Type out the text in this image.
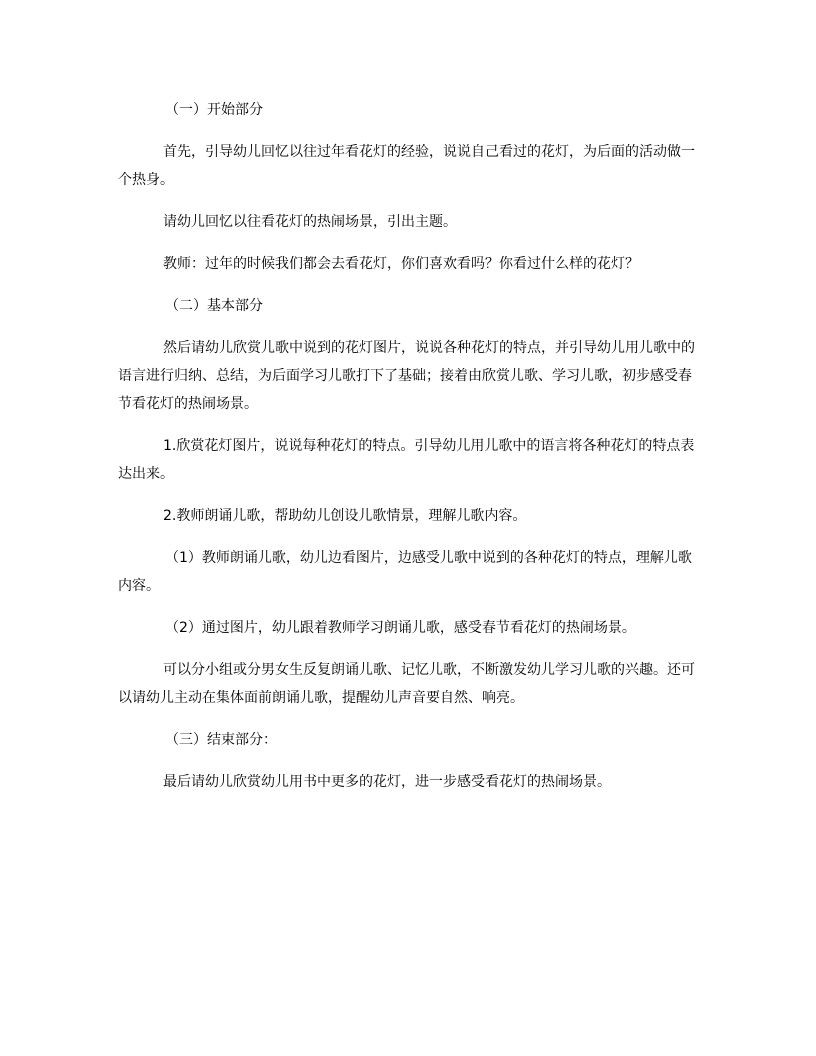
（一）开始部分

首先，引导幼儿回忆以往过年看花灯的经验，说说自己看过的花灯，为后面的活动做一个热身。

请幼儿回忆以往看花灯的热闹场景，引出主题。

教师：过年的时候我们都会去看花灯，你们喜欢看吗？你看过什么样的花灯？

（二）基本部分

然后请幼儿欣赏儿歌中说到的花灯图片，说说各种花灯的特点，并引导幼儿用儿歌中的语言进行归纳、总结，为后面学习儿歌打下了基础；接着由欣赏儿歌、学习儿歌，初步感受春节看花灯的热闹场景。

1.欣赏花灯图片，说说每种花灯的特点。引导幼儿用儿歌中的语言将各种花灯的特点表达出来。

2.教师朗诵儿歌，帮助幼儿创设儿歌情景，理解儿歌内容。

（1）教师朗诵儿歌，幼儿边看图片，边感受儿歌中说到的各种花灯的特点，理解儿歌内容。

（2）通过图片，幼儿跟着教师学习朗诵儿歌，感受春节看花灯的热闹场景。

可以分小组或分男女生反复朗诵儿歌、记忆儿歌，不断激发幼儿学习儿歌的兴趣。还可以请幼儿主动在集体面前朗诵儿歌，提醒幼儿声音要自然、响亮。

（三）结束部分：

最后请幼儿欣赏幼儿用书中更多的花灯，进一步感受看花灯的热闹场景。
